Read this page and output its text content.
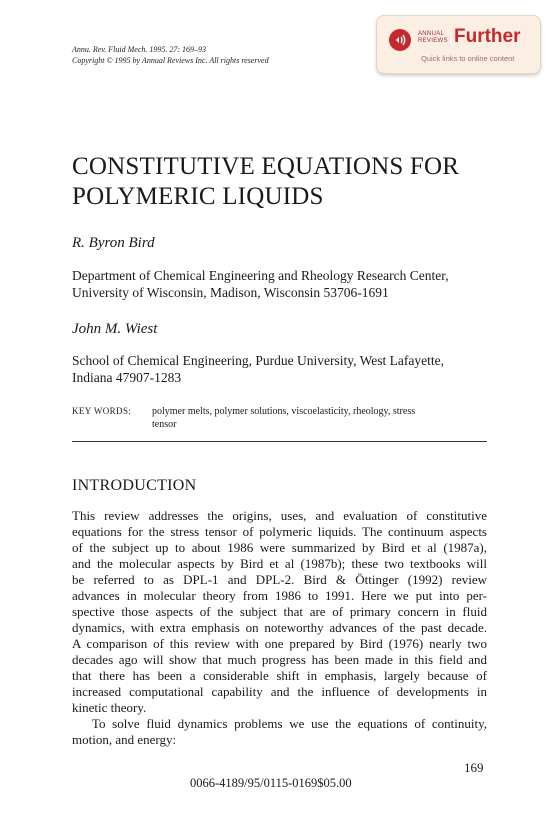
Annu. Rev. Fluid Mech. 1995. 27: 169–93
Copyright © 1995 by Annual Reviews Inc. All rights reserved
ANNUAL
REVIEWS Further
Quick links to online content
CONSTITUTIVE EQUATIONS FOR
POLYMERIC LIQUIDS
R. Byron Bird
Department of Chemical Engineering and Rheology Research Center,
University of Wisconsin, Madison, Wisconsin 53706-1691
John M. Wiest
School of Chemical Engineering, Purdue University, West Lafayette,
Indiana 47907-1283
KEY WORDS: polymer melts, polymer solutions, viscoelasticity, rheology, stress
tensor
INTRODUCTION
This review addresses the origins, uses, and evaluation of constitutive
equations for the stress tensor of polymeric liquids. The continuum aspects
of the subject up to about 1986 were summarized by Bird et al (1987a),
and the molecular aspects by Bird et al (1987b); these two textbooks will
be referred to as DPL-1 and DPL-2. Bird & Öttinger (1992) review
advances in molecular theory from 1986 to 1991. Here we put into per-
spective those aspects of the subject that are of primary concern in fluid
dynamics, with extra emphasis on noteworthy advances of the past decade.
A comparison of this review with one prepared by Bird (1976) nearly two
decades ago will show that much progress has been made in this field and
that there has been a considerable shift in emphasis, largely because of
increased computational capability and the influence of developments in
kinetic theory.
To solve fluid dynamics problems we use the equations of continuity,
motion, and energy:
169
0066-4189/95/0115-0169$05.00
